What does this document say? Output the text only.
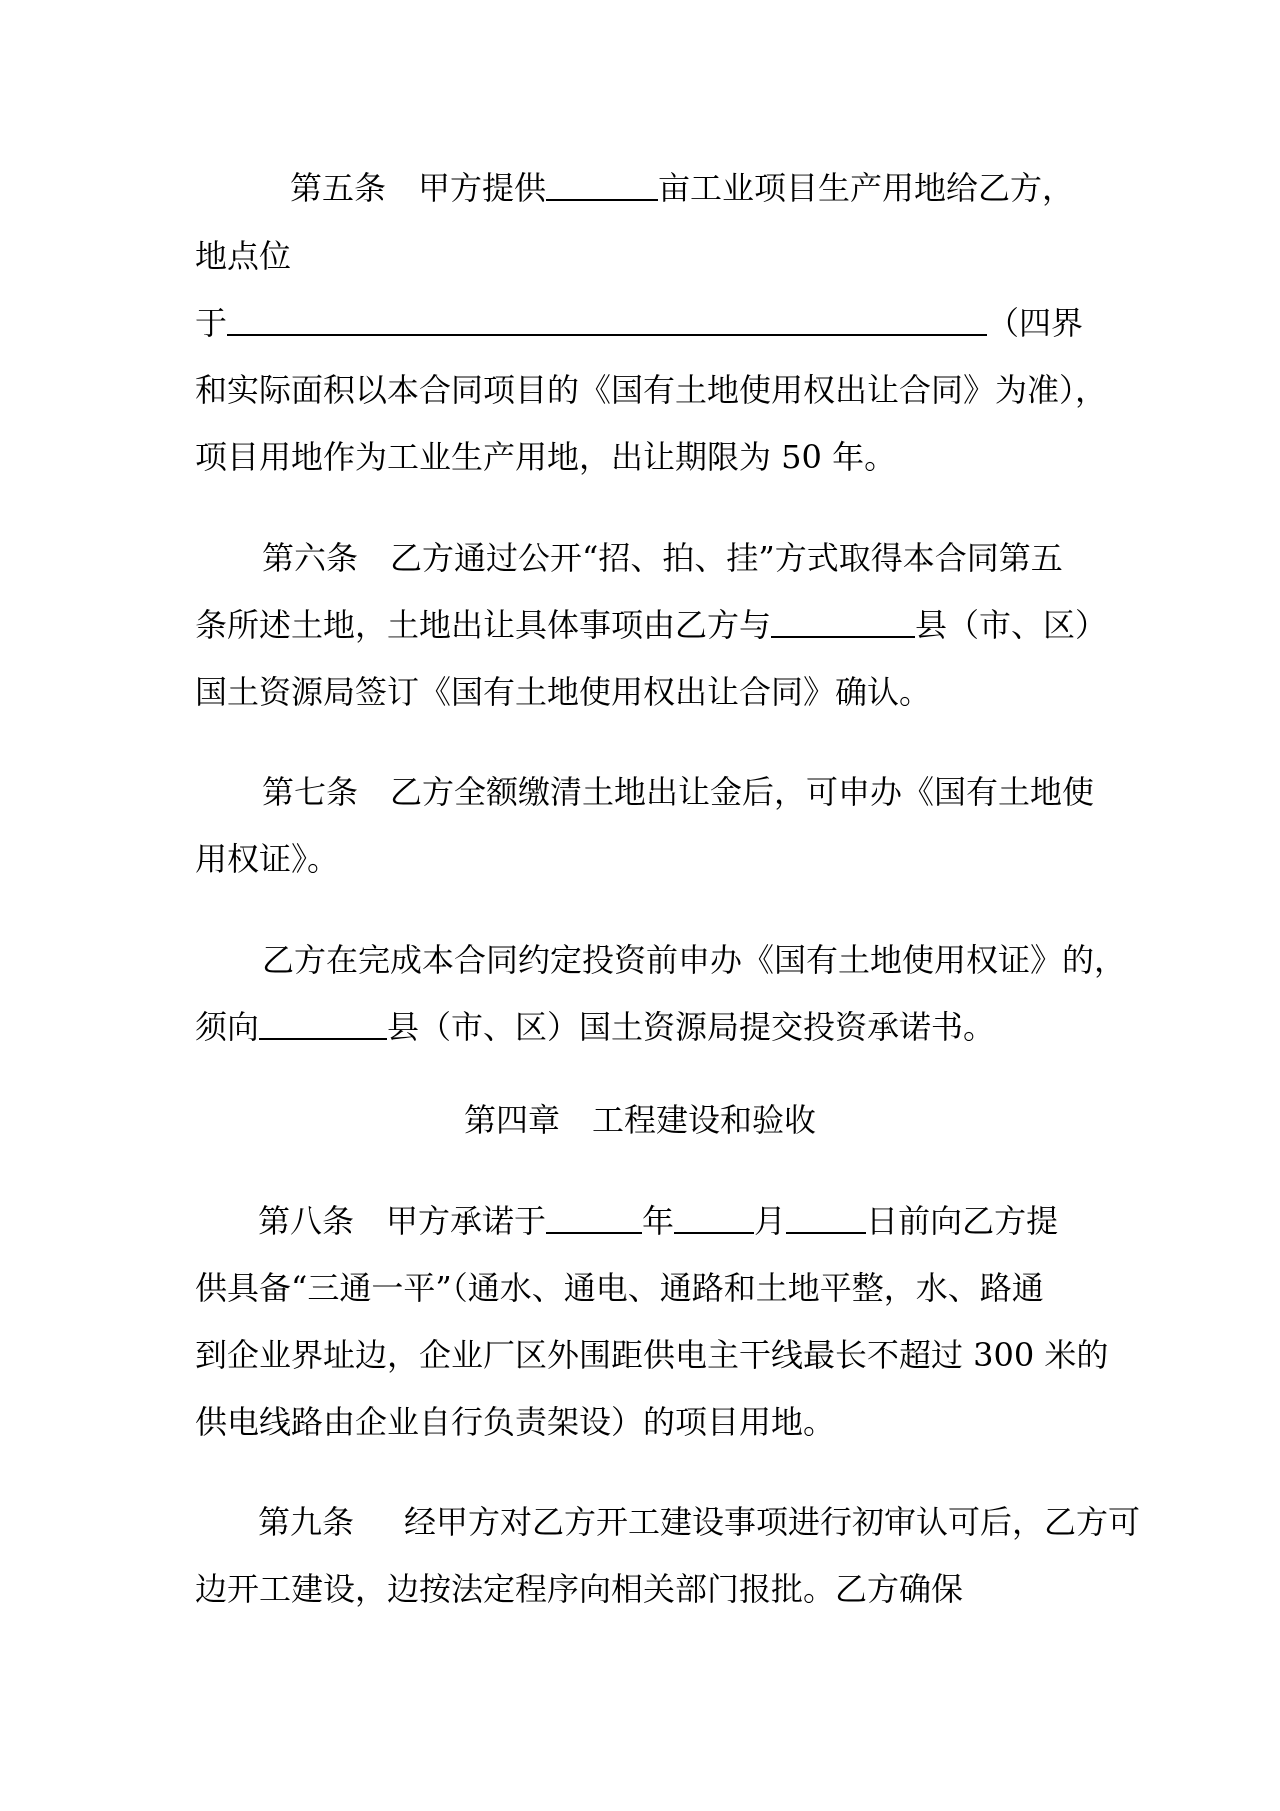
第五条 甲方提供	亩工业项目生产用地给乙方，
地点位
于	（四界
和实际面积以本合同项目的《国有土地使用权出让合同》为准），
项目用地作为工业生产用地，出让期限为 50 年。
第六条 乙方通过公开“招、拍、挂”方式取得本合同第五
条所述土地，土地出让具体事项由乙方与	县（市、区）
国土资源局签订《国有土地使用权出让合同》确认。
第七条 乙方全额缴清土地出让金后，可申办《国有土地使
用权证》。
乙方在完成本合同约定投资前申办《国有土地使用权证》的，
须向	县（市、区）国土资源局提交投资承诺书。
第四章　工程建设和验收
第八条 甲方承诺于	年	月	日前向乙方提
供具备“三通一平”（通水、通电、通路和土地平整，水、路通
到企业界址边，企业厂区外围距供电主干线最长不超过 300 米的
供电线路由企业自行负责架设）的项目用地。
第九条 经甲方对乙方开工建设事项进行初审认可后，乙方可
边开工建设，边按法定程序向相关部门报批。乙方确保
